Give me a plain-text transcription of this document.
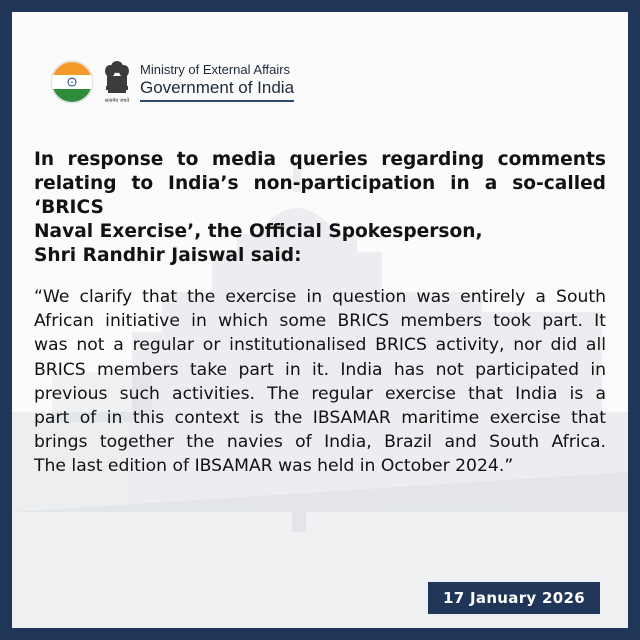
सत्यमेव जयते
Ministry of External Affairs
Government of India
In response to media queries regarding comments
relating to India’s non-participation in a so-called ‘BRICS
Naval Exercise’, the Official Spokesperson,
Shri Randhir Jaiswal said:
“We clarify that the exercise in question was entirely a South
African initiative in which some BRICS members took part. It
was not a regular or institutionalised BRICS activity, nor did all
BRICS members take part in it. India has not participated in
previous such activities. The regular exercise that India is a
part of in this context is the IBSAMAR maritime exercise that
brings together the navies of India, Brazil and South Africa.
The last edition of IBSAMAR was held in October 2024.”
17 January 2026
